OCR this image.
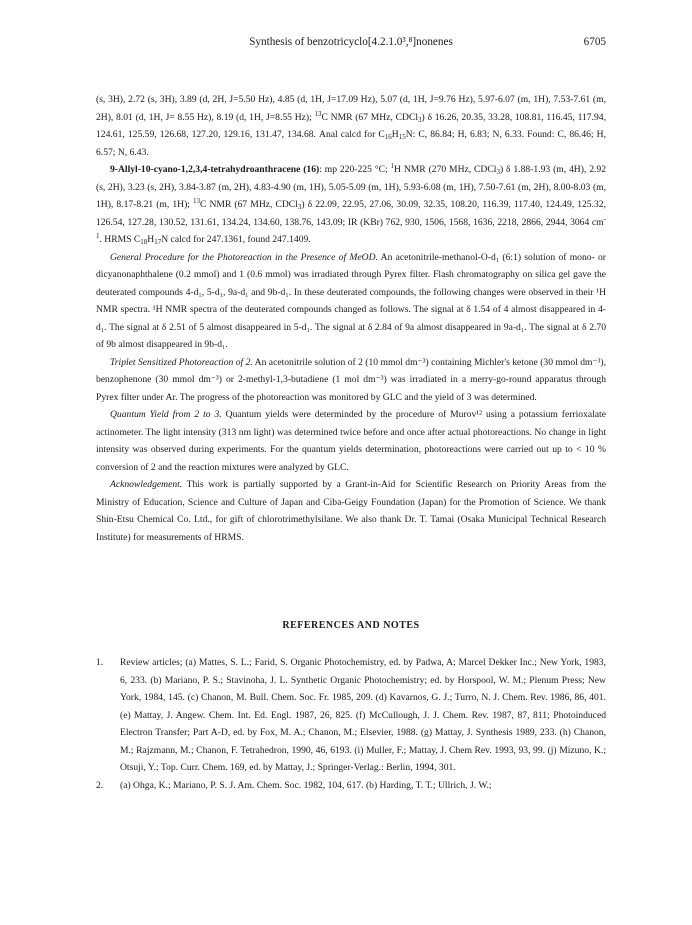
Synthesis of benzotricyclo[4.2.1.0³,⁸]nonenes	6705

(s, 3H), 2.72 (s, 3H), 3.89 (d, 2H, J=5.50 Hz), 4.85 (d, 1H, J=17.09 Hz), 5.07 (d, 1H, J=9.76 Hz), 5.97-6.07 (m, 1H), 7.53-7.61 (m, 2H), 8.01 (d, 1H, J= 8.55 Hz), 8.19 (d, 1H, J=8.55 Hz); $^{13}$C NMR (67 MHz, CDCl$_3$) δ 16.26, 20.35, 33.28, 108.81, 116.45, 117.94, 124.61, 125.59, 126.68, 127.20, 129.16, 131.47, 134.68. Anal calcd for $C_{16}H_{15}N$: C, 86.84; H, 6.83; N, 6.33. Found: C, 86.46; H, 6.57; N, 6.43.

9-Allyl-10-cyano-1,2,3,4-tetrahydroanthracene (16): mp 220-225 °C; $^1$H NMR (270 MHz, CDCl$_3$) δ 1.88-1.93 (m, 4H), 2.92 (s, 2H), 3.23 (s, 2H), 3.84-3.87 (m, 2H), 4.83-4.90 (m, 1H), 5.05-5.09 (m, 1H), 5.93-6.08 (m, 1H), 7.50-7.61 (m, 2H), 8.00-8.03 (m, 1H), 8.17-8.21 (m, 1H); $^{13}$C NMR (67 MHz, CDCl$_3$) δ 22.09, 22.95, 27.06, 30.09, 32.35, 108.20, 116.39, 117.40, 124.49, 125.32, 126.54, 127.28, 130.52, 131.61, 134.24, 134.60, 138.76, 143.09; IR (KBr) 762, 930, 1506, 1568, 1636, 2218, 2866, 2944, 3064 $cm^{-1}$. HRMS $C_{18}H_{17}N$ calcd for 247.1361, found 247.1409.

General Procedure for the Photoreaction in the Presence of MeOD. An acetonitrile-methanol-O-d₁ (6:1) solution of mono- or dicyanonaphthalene (0.2 mmol) and 1 (0.6 mmol) was irradiated through Pyrex filter. Flash chromatography on silica gel gave the deuterated compounds 4-d₁, 5-d₁, 9a-d₁ and 9b-d₁. In these deuterated compounds, the following changes were observed in their ¹H NMR spectra. ¹H NMR spectra of the deuterated compounds changed as follows. The signal at δ 1.54 of 4 almost disappeared in 4-d₁. The signal at δ 2.51 of 5 almost disappeared in 5-d₁. The signal at δ 2.84 of 9a almost disappeared in 9a-d₁. The signal at δ 2.70 of 9b almost disappeared in 9b-d₁.

Triplet Sensitized Photoreaction of 2. An acetonitrile solution of 2 (10 mmol dm⁻³) containing Michler's ketone (30 mmol dm⁻³), benzophenone (30 mmol dm⁻³) or 2-methyl-1,3-butadiene (1 mol dm⁻³) was irradiated in a merry-go-round apparatus through Pyrex filter under Ar. The progress of the photoreaction was monitored by GLC and the yield of 3 was determined.

Quantum Yield from 2 to 3. Quantum yields were determinded by the procedure of Murov¹² using a potassium ferrioxalate actinometer. The light intensity (313 nm light) was determined twice before and once after actual photoreactions. No change in light intensity was observed during experiments. For the quantum yields determination, photoreactions were carried out up to < 10 % conversion of 2 and the reaction mixtures were analyzed by GLC.

Acknowledgement. This work is partially supported by a Grant-in-Aid for Scientific Research on Priority Areas from the Ministry of Education, Science and Culture of Japan and Ciba-Geigy Foundation (Japan) for the Promotion of Science. We thank Shin-Etsu Chemical Co. Ltd., for gift of chlorotrimethylsilane. We also thank Dr. T. Tamai (Osaka Municipal Technical Research Institute) for measurements of HRMS.

REFERENCES AND NOTES
1. Review articles; (a) Mattes, S. L.; Farid, S. Organic Photochemistry, ed. by Padwa, A; Marcel Dekker Inc.; New York, 1983, 6, 233. (b) Mariano, P. S.; Stavinoha, J. L. Synthetic Organic Photochemistry; ed. by Horspool, W. M.; Plenum Press; New York, 1984, 145. (c) Chanon, M. Bull. Chem. Soc. Fr. 1985, 209. (d) Kavarnos, G. J.; Turro, N. J. Chem. Rev. 1986, 86, 401. (e) Mattay, J. Angew. Chem. Int. Ed. Engl. 1987, 26, 825. (f) McCullough, J. J. Chem. Rev. 1987, 87, 811; Photoinduced Electron Transfer; Part A-D, ed. by Fox, M. A.; Chanon, M.; Elsevier, 1988. (g) Mattay, J. Synthesis 1989, 233. (h) Chanon, M.; Rajzmann, M.; Chanon, F. Tetrahedron, 1990, 46, 6193. (i) Muller, F.; Mattay, J. Chem Rev. 1993, 93, 99. (j) Mizuno, K.; Otsuji, Y.; Top. Curr. Chem. 169, ed. by Mattay, J.; Springer-Verlag.: Berlin, 1994, 301.
2. (a) Ohga, K.; Mariano, P. S. J. Am. Chem. Soc. 1982, 104, 617. (b) Harding, T. T.; Ullrich, J. W.;
